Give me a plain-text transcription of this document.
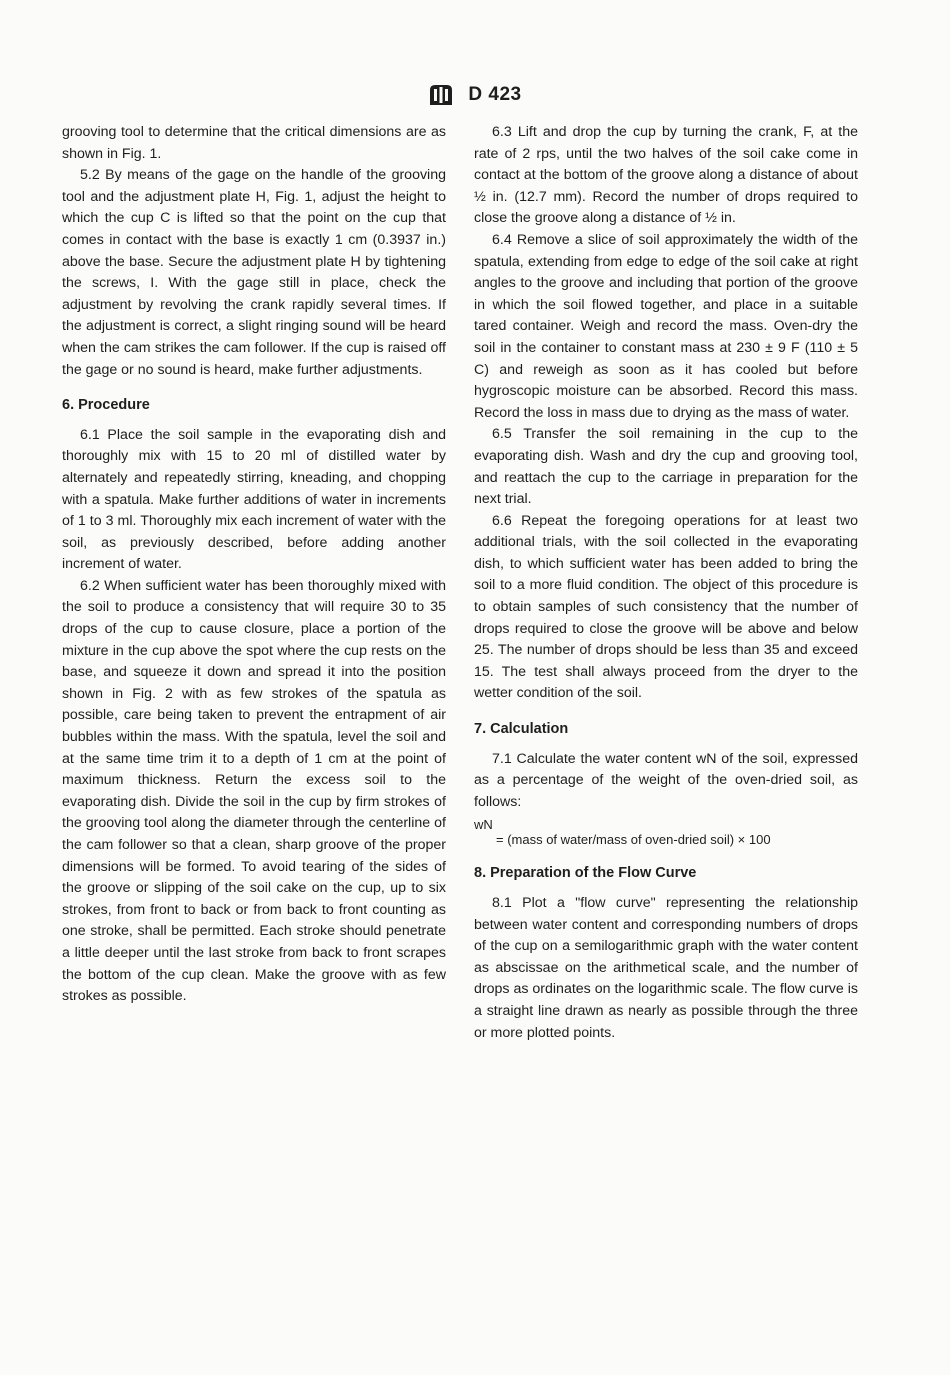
D 423

grooving tool to determine that the critical dimensions are as shown in Fig. 1.

5.2 By means of the gage on the handle of the grooving tool and the adjustment plate H, Fig. 1, adjust the height to which the cup C is lifted so that the point on the cup that comes in contact with the base is exactly 1 cm (0.3937 in.) above the base. Secure the adjustment plate H by tightening the screws, I. With the gage still in place, check the adjustment by revolving the crank rapidly several times. If the adjustment is correct, a slight ringing sound will be heard when the cam strikes the cam follower. If the cup is raised off the gage or no sound is heard, make further adjustments.

6. Procedure

6.1 Place the soil sample in the evaporating dish and thoroughly mix with 15 to 20 ml of distilled water by alternately and repeatedly stirring, kneading, and chopping with a spatula. Make further additions of water in increments of 1 to 3 ml. Thoroughly mix each increment of water with the soil, as previously described, before adding another increment of water.

6.2 When sufficient water has been thoroughly mixed with the soil to produce a consistency that will require 30 to 35 drops of the cup to cause closure, place a portion of the mixture in the cup above the spot where the cup rests on the base, and squeeze it down and spread it into the position shown in Fig. 2 with as few strokes of the spatula as possible, care being taken to prevent the entrapment of air bubbles within the mass. With the spatula, level the soil and at the same time trim it to a depth of 1 cm at the point of maximum thickness. Return the excess soil to the evaporating dish. Divide the soil in the cup by firm strokes of the grooving tool along the diameter through the centerline of the cam follower so that a clean, sharp groove of the proper dimensions will be formed. To avoid tearing of the sides of the groove or slipping of the soil cake on the cup, up to six strokes, from front to back or from back to front counting as one stroke, shall be permitted. Each stroke should penetrate a little deeper until the last stroke from back to front scrapes the bottom of the cup clean. Make the groove with as few strokes as possible.

6.3 Lift and drop the cup by turning the crank, F, at the rate of 2 rps, until the two halves of the soil cake come in contact at the bottom of the groove along a distance of about ½ in. (12.7 mm). Record the number of drops required to close the groove along a distance of ½ in.

6.4 Remove a slice of soil approximately the width of the spatula, extending from edge to edge of the soil cake at right angles to the groove and including that portion of the groove in which the soil flowed together, and place in a suitable tared container. Weigh and record the mass. Oven-dry the soil in the container to constant mass at 230 ± 9 F (110 ± 5 C) and reweigh as soon as it has cooled but before hygroscopic moisture can be absorbed. Record this mass. Record the loss in mass due to drying as the mass of water.

6.5 Transfer the soil remaining in the cup to the evaporating dish. Wash and dry the cup and grooving tool, and reattach the cup to the carriage in preparation for the next trial.

6.6 Repeat the foregoing operations for at least two additional trials, with the soil collected in the evaporating dish, to which sufficient water has been added to bring the soil to a more fluid condition. The object of this procedure is to obtain samples of such consistency that the number of drops required to close the groove will be above and below 25. The number of drops should be less than 35 and exceed 15. The test shall always proceed from the dryer to the wetter condition of the soil.

7. Calculation

7.1 Calculate the water content wN of the soil, expressed as a percentage of the weight of the oven-dried soil, as follows:

wN
= (mass of water/mass of oven-dried soil) × 100
8. Preparation of the Flow Curve

8.1 Plot a "flow curve" representing the relationship between water content and corresponding numbers of drops of the cup on a semilogarithmic graph with the water content as abscissae on the arithmetical scale, and the number of drops as ordinates on the logarithmic scale. The flow curve is a straight line drawn as nearly as possible through the three or more plotted points.
